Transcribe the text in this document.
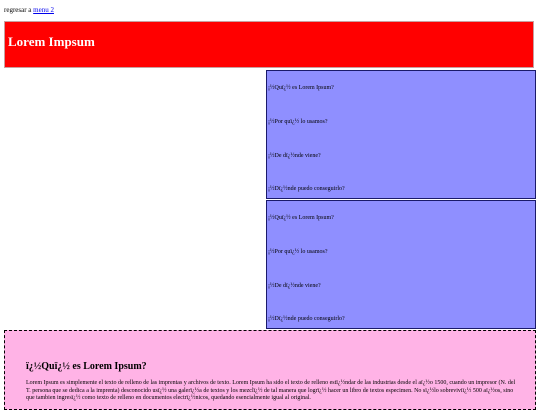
regresar a menu 2
Lorem Impsum
¡½Quï¿½ es Lorem Ipsum?
¡½Por quï¿½ lo usamos?
¡½De dï¿½nde viene?
¡½Dï¿½nde puedo conseguirlo?
¡½Quï¿½ es Lorem Ipsum?
¡½Por quï¿½ lo usamos?
¡½De dï¿½nde viene?
¡½Dï¿½nde puedo conseguirlo?
ï¿½Quï¿½ es Lorem Ipsum?

Lorem Ipsum es simplemente el texto de relleno de las imprentas y archivos de texto. Lorem Ipsum ha sido el texto de relleno estï¿½ndar de las industrias desde el aï¿½o 1500, cuando un impresor (N. del T. persona que se dedica a la imprenta) desconocido usï¿½ una galerï¿½a de textos y los mezclï¿½ de tal manera que logrï¿½ hacer un libro de textos especimen. No sï¿½lo sobreviviï¿½ 500 aï¿½os, sino que tambien ingresï¿½ como texto de relleno en documentos electrï¿½nicos, quedando esencialmente igual al original.
